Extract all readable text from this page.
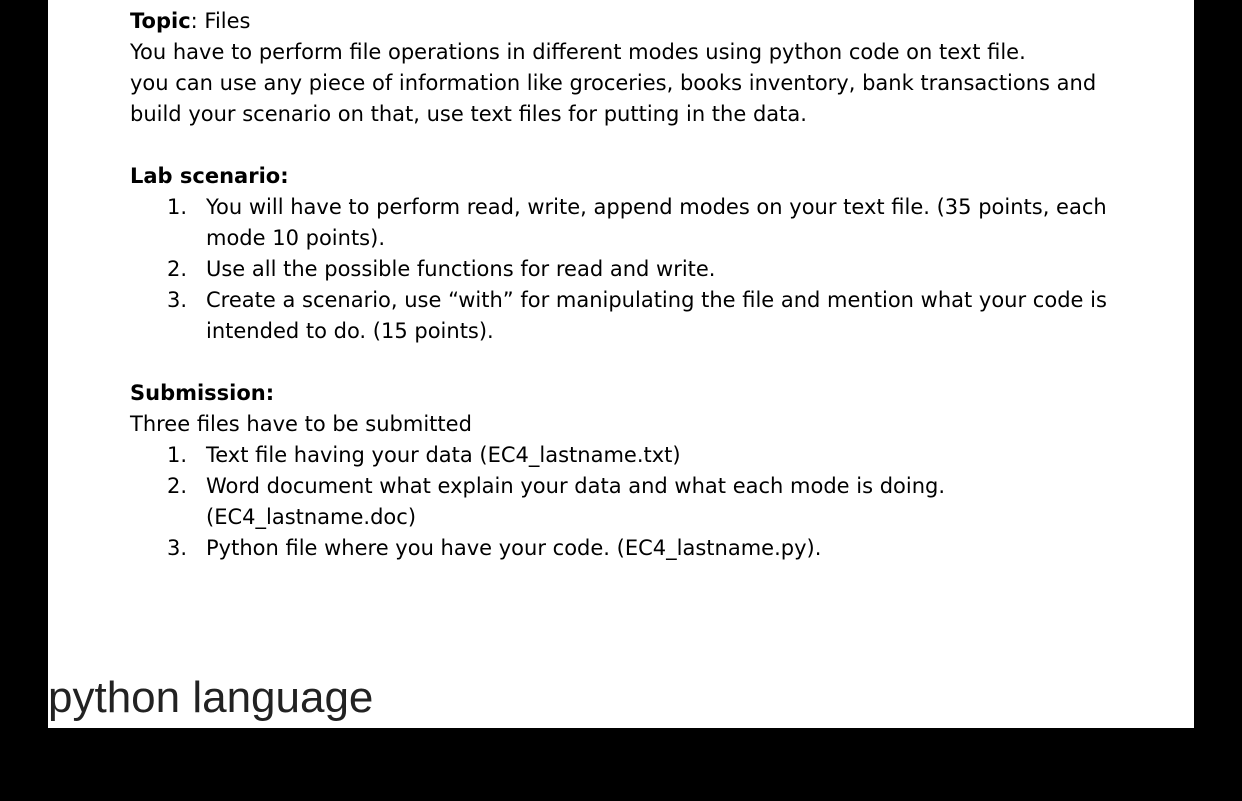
Topic: Files
You have to perform file operations in different modes using python code on text file.
you can use any piece of information like groceries, books inventory, bank transactions and
build your scenario on that, use text files for putting in the data.
Lab scenario:
1. You will have to perform read, write, append modes on your text file. (35 points, each
mode 10 points).
2. Use all the possible functions for read and write.
3. Create a scenario, use “with” for manipulating the file and mention what your code is
intended to do. (15 points).
Submission:
Three files have to be submitted
1. Text file having your data (EC4_lastname.txt)
2. Word document what explain your data and what each mode is doing.
(EC4_lastname.doc)
3. Python file where you have your code. (EC4_lastname.py).
python language
